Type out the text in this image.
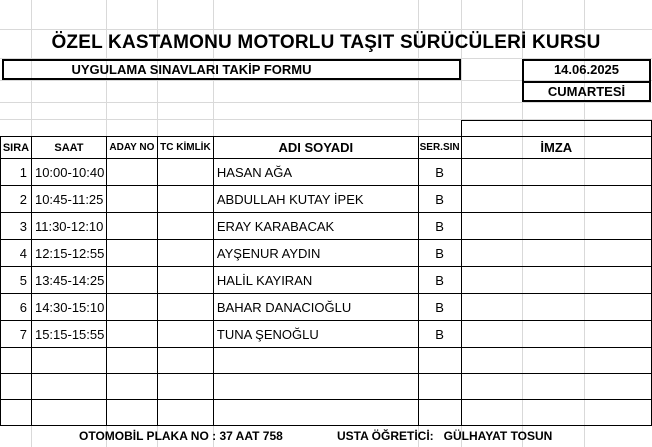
ÖZEL KASTAMONU MOTORLU TAŞIT SÜRÜCÜLERİ KURSU
UYGULAMA SINAVLARI TAKİP FORMU	14.06.2025
CUMARTESİ
SIRA	SAAT	ADAY NO	TC KİMLİK	ADI SOYADI	SER.SIN	İMZA
1	10:00-10:40			HASAN AĞA	B	
2	10:45-11:25			ABDULLAH KUTAY İPEK	B	
3	11:30-12:10			ERAY KARABACAK	B	
4	12:15-12:55			AYŞENUR AYDIN	B	
5	13:45-14:25			HALİL KAYIRAN	B	
6	14:30-15:10			BAHAR DANACIOĞLU	B	
7	15:15-15:55			TUNA ŞENOĞLU	B	

OTOMOBİL PLAKA NO : 37 AAT 758	USTA ÖĞRETİCİ:   GÜLHAYAT TOSUN
